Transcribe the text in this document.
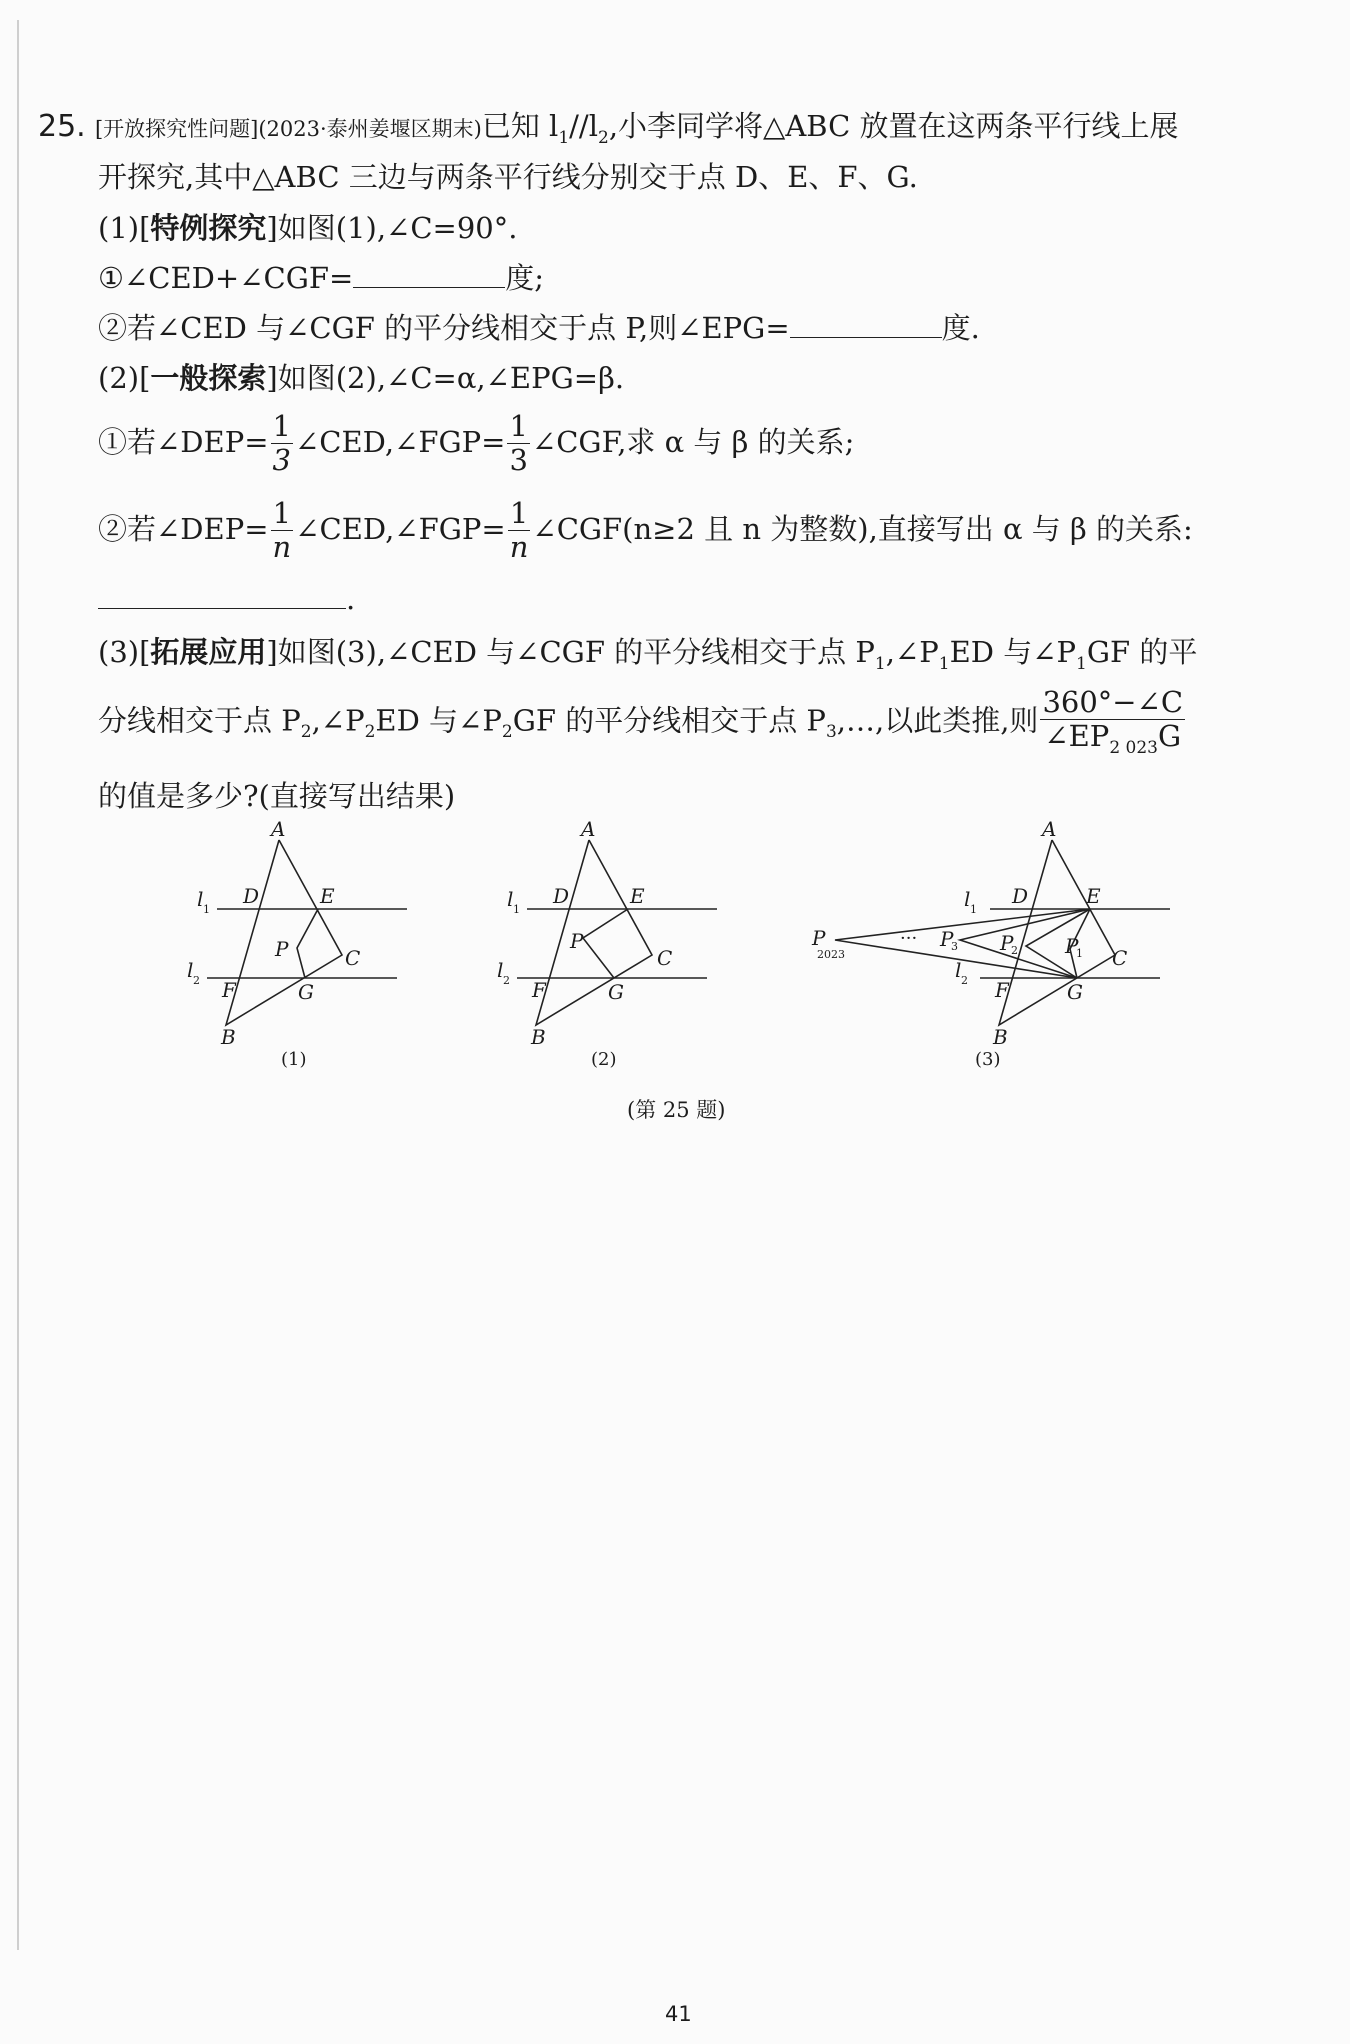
25. [开放探究性问题](2023·泰州姜堰区期末)已知 $l_1//l_2$,小李同学将△ABC 放置在这两条平行线上展
开探究,其中△ABC 三边与两条平行线分别交于点 D、E、F、G.
(1)[特例探究]如图(1),∠C=90°.
①∠CED+∠CGF=	度;
②若∠CED 与∠CGF 的平分线相交于点 P,则∠EPG=	度.
(2)[一般探索]如图(2),∠C=α,∠EPG=β.
①若∠DEP= $\frac{1}{3}$ ∠CED,∠FGP= $\frac{1}{3}$ ∠CGF,求 α 与 β 的关系;
②若∠DEP= $\frac{1}{n}$ ∠CED,∠FGP= $\frac{1}{n}$ ∠CGF(n≥2 且 n 为整数),直接写出 α 与 β 的关系:
.
(3)[拓展应用]如图(3),∠CED 与∠CGF 的平分线相交于点 $P_1,\angle P_1ED$ 与$\angle P_1GF$ 的平
分线相交于点 $P_2,\angle P_2ED$ 与$\angle P_2GF$ 的平分线相交于点 $P_3,\dots$,以此类推,则 $\frac{360^\circ-\angle C}{\angle EP_{2 023}G}$
的值是多少?(直接写出结果)
A
D	E
P	C
F	G
B
l 1
l 2
(1)
A
D	E
P
C
F	G
B
l 1
l 2
(2)
···
A
D	E
C
F	G
B
P
1
P
2
P
3
P
2023
l 1
l 2
(3)
(第 25 题)
41
